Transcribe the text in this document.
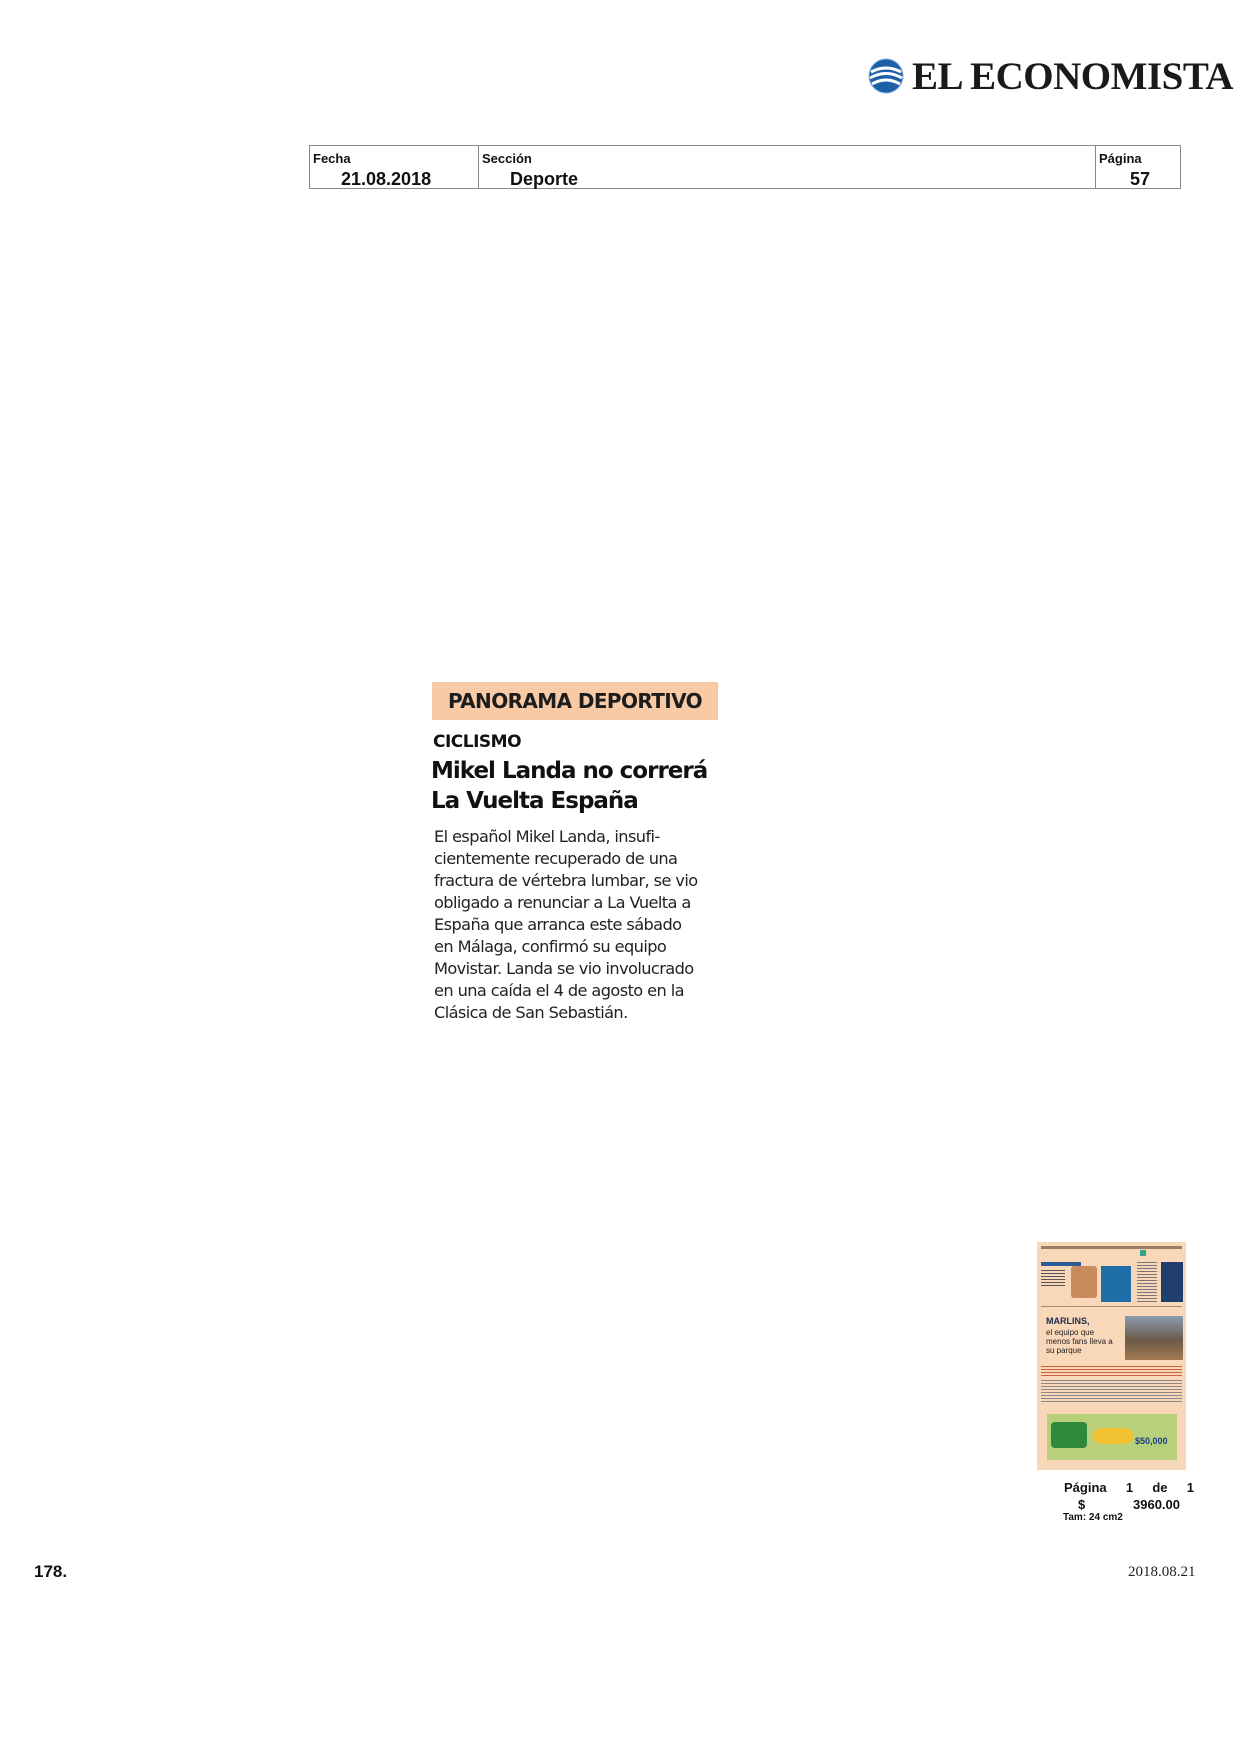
EL ECONOMISTA
Fecha
21.08.2018
Sección
Deporte
Página
57
PANORAMA DEPORTIVO
CICLISMO
Mikel Landa no correrá
La Vuelta España
El español Mikel Landa, insufi-
cientemente recuperado de una
fractura de vértebra lumbar, se vio
obligado a renunciar a La Vuelta a
España que arranca este sábado
en Málaga, confirmó su equipo
Movistar. Landa se vio involucrado
en una caída el 4 de agosto en la
Clásica de San Sebastián.
MARLINS,
el equipo que menos fans lleva a su parque
$50,000
Página 1 de 1
$	3960.00
Tam: 24 cm2
178.	2018.08.21
